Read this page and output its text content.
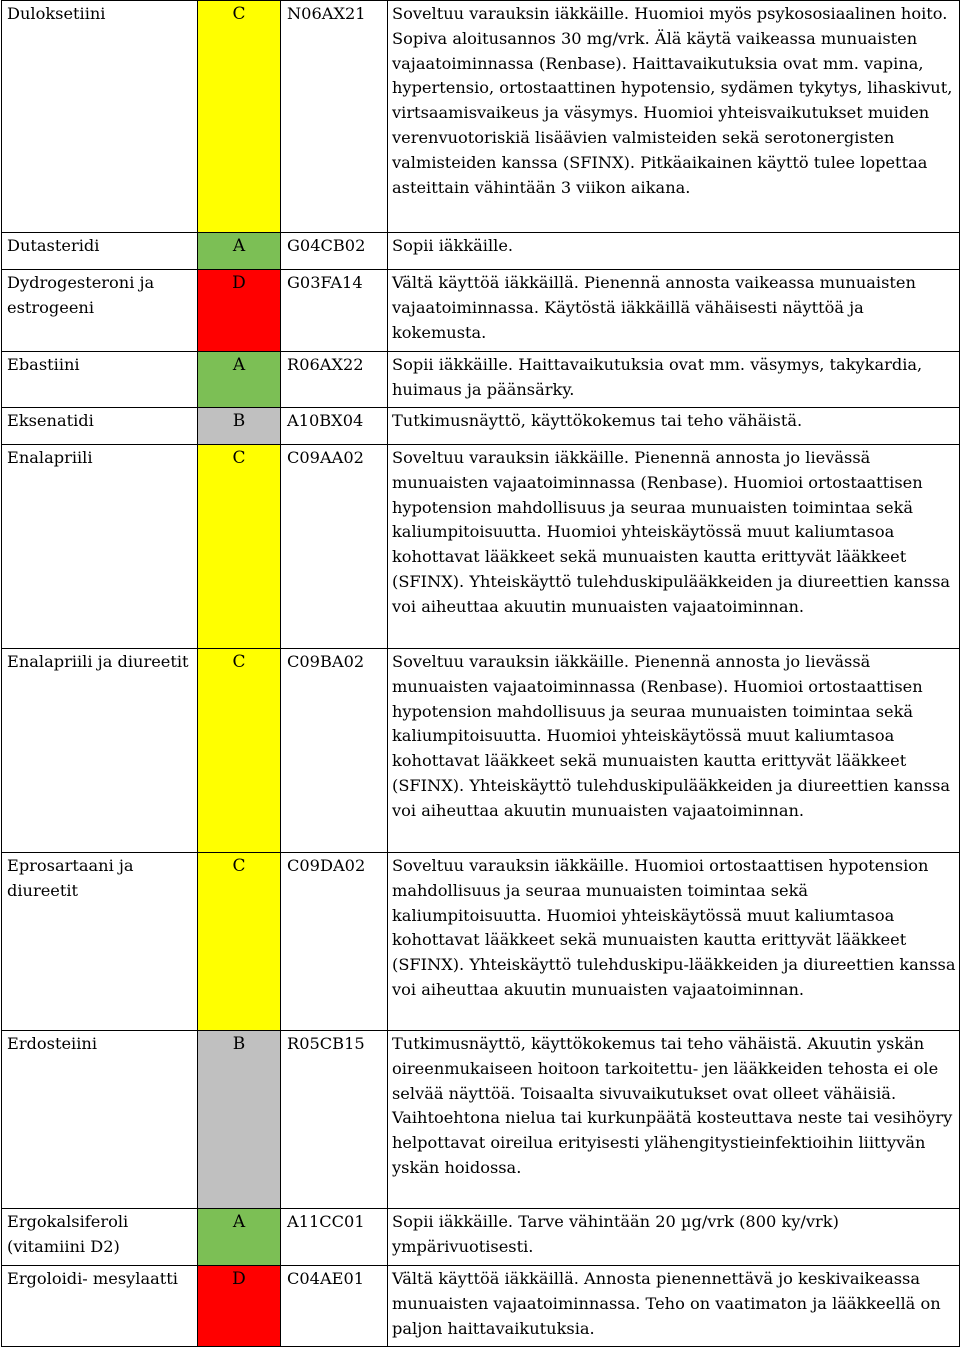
Duloksetiini	C	N06AX21	Soveltuu varauksin iäkkäille. Huomioi myös psykososiaalinen hoito. Sopiva aloitusannos 30 mg/vrk. Älä käytä vaikeassa munuaisten vajaatoiminnassa (Renbase). Haittavaikutuksia ovat mm. vapina, hypertensio, ortostaattinen hypotensio, sydämen tykytys, lihaskivut, virtsaamisvaikeus ja väsymys. Huomioi yhteisvaikutukset muiden verenvuotoriskiä lisäävien valmisteiden sekä serotonergisten valmisteiden kanssa (SFINX). Pitkäaikainen käyttö tulee lopettaa asteittain vähintään 3 viikon aikana.
Dutasteridi	A	G04CB02	Sopii iäkkäille.
Dydrogesteroni ja estrogeeni	D	G03FA14	Vältä käyttöä iäkkäillä. Pienennä annosta vaikeassa munuaisten vajaatoiminnassa. Käytöstä iäkkäillä vähäisesti näyttöä ja kokemusta.
Ebastiini	A	R06AX22	Sopii iäkkäille. Haittavaikutuksia ovat mm. väsymys, takykardia, huimaus ja päänsärky.
Eksenatidi	B	A10BX04	Tutkimusnäyttö, käyttökokemus tai teho vähäistä.
Enalapriili	C	C09AA02	Soveltuu varauksin iäkkäille. Pienennä annosta jo lievässä munuaisten vajaatoiminnassa (Renbase). Huomioi ortostaattisen hypotension mahdollisuus ja seuraa munuaisten toimintaa sekä kaliumpitoisuutta. Huomioi yhteiskäytössä muut kaliumtasoa kohottavat lääkkeet sekä munuaisten kautta erittyvät lääkkeet (SFINX). Yhteiskäyttö tulehduskipulääkkeiden ja diureettien kanssa voi aiheuttaa akuutin munuaisten vajaatoiminnan.
Enalapriili ja diureetit	C	C09BA02	Soveltuu varauksin iäkkäille. Pienennä annosta jo lievässä munuaisten vajaatoiminnassa (Renbase). Huomioi ortostaattisen hypotension mahdollisuus ja seuraa munuaisten toimintaa sekä kaliumpitoisuutta. Huomioi yhteiskäytössä muut kaliumtasoa kohottavat lääkkeet sekä munuaisten kautta erittyvät lääkkeet (SFINX). Yhteiskäyttö tulehduskipulääkkeiden ja diureettien kanssa voi aiheuttaa akuutin munuaisten vajaatoiminnan.
Eprosartaani ja diureetit	C	C09DA02	Soveltuu varauksin iäkkäille. Huomioi ortostaattisen hypotension mahdollisuus ja seuraa munuaisten toimintaa sekä kaliumpitoisuutta. Huomioi yhteiskäytössä muut kaliumtasoa kohottavat lääkkeet sekä munuaisten kautta erittyvät lääkkeet (SFINX). Yhteiskäyttö tulehduskipu-lääkkeiden ja diureettien kanssa voi aiheuttaa akuutin munuaisten vajaatoiminnan.
Erdosteiini	B	R05CB15	Tutkimusnäyttö, käyttökokemus tai teho vähäistä. Akuutin yskän oireenmukaiseen hoitoon tarkoitettu- jen lääkkeiden tehosta ei ole selvää näyttöä. Toisaalta sivuvaikutukset ovat olleet vähäisiä. Vaihtoehtona nielua tai kurkunpäätä kosteuttava neste tai vesihöyry helpottavat oireilua erityisesti ylähengitystieinfektioihin liittyvän yskän hoidossa.
Ergokalsiferoli (vitamiini D2)	A	A11CC01	Sopii iäkkäille. Tarve vähintään 20 µg/vrk (800 ky/vrk) ympärivuotisesti.
Ergoloidi- mesylaatti	D	C04AE01	Vältä käyttöä iäkkäillä. Annosta pienennettävä jo keskivaikeassa munuaisten vajaatoiminnassa. Teho on vaatimaton ja lääkkeellä on paljon haittavaikutuksia.
